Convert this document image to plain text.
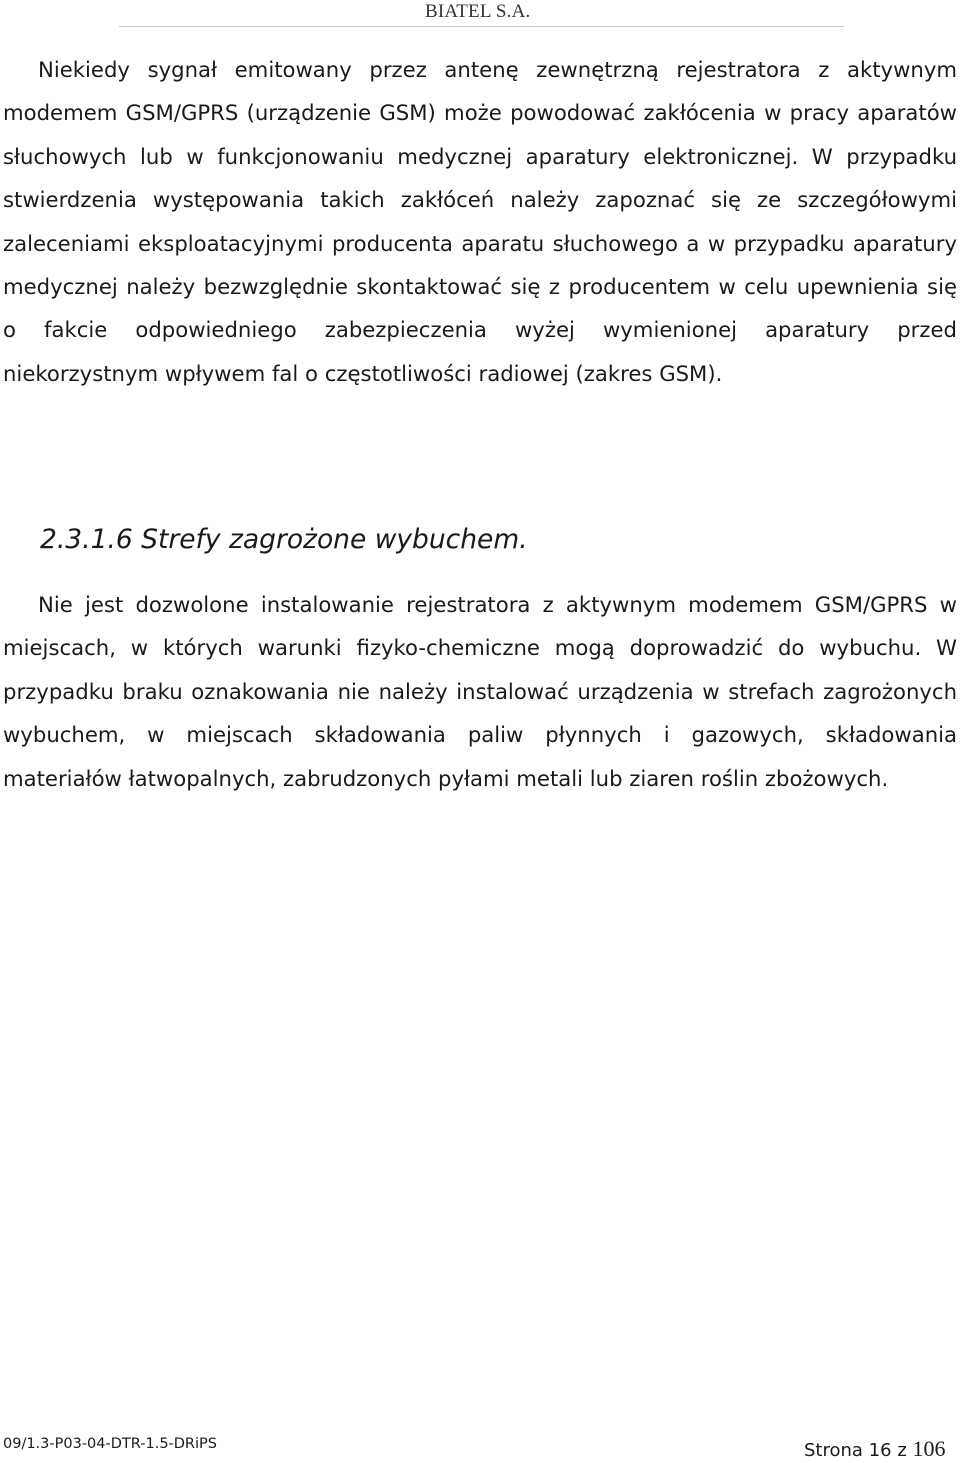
BIATEL S.A.

Niekiedy sygnał emitowany przez antenę zewnętrzną rejestratora z aktywnym modemem GSM/GPRS (urządzenie GSM) może powodować zakłócenia w pracy aparatów słuchowych lub w funkcjonowaniu medycznej aparatury elektronicznej. W przypadku stwierdzenia występowania takich zakłóceń należy zapoznać się ze szczegółowymi zaleceniami eksploatacyjnymi producenta aparatu słuchowego a w przypadku aparatury medycznej należy bezwzględnie skontaktować się z producentem w celu upewnienia się o fakcie odpowiedniego zabezpieczenia wyżej wymienionej aparatury przed niekorzystnym wpływem fal o częstotliwości radiowej (zakres GSM).

2.3.1.6 Strefy zagrożone wybuchem.

Nie jest dozwolone instalowanie rejestratora z aktywnym modemem GSM/GPRS w miejscach, w których warunki fizyko-chemiczne mogą doprowadzić do wybuchu. W przypadku braku oznakowania nie należy instalować urządzenia w strefach zagrożonych wybuchem, w miejscach składowania paliw płynnych i gazowych, składowania materiałów łatwopalnych, zabrudzonych pyłami metali lub ziaren roślin zbożowych.

09/1.3-P03-04-DTR-1.5-DRiPS	Strona 16 z 106
